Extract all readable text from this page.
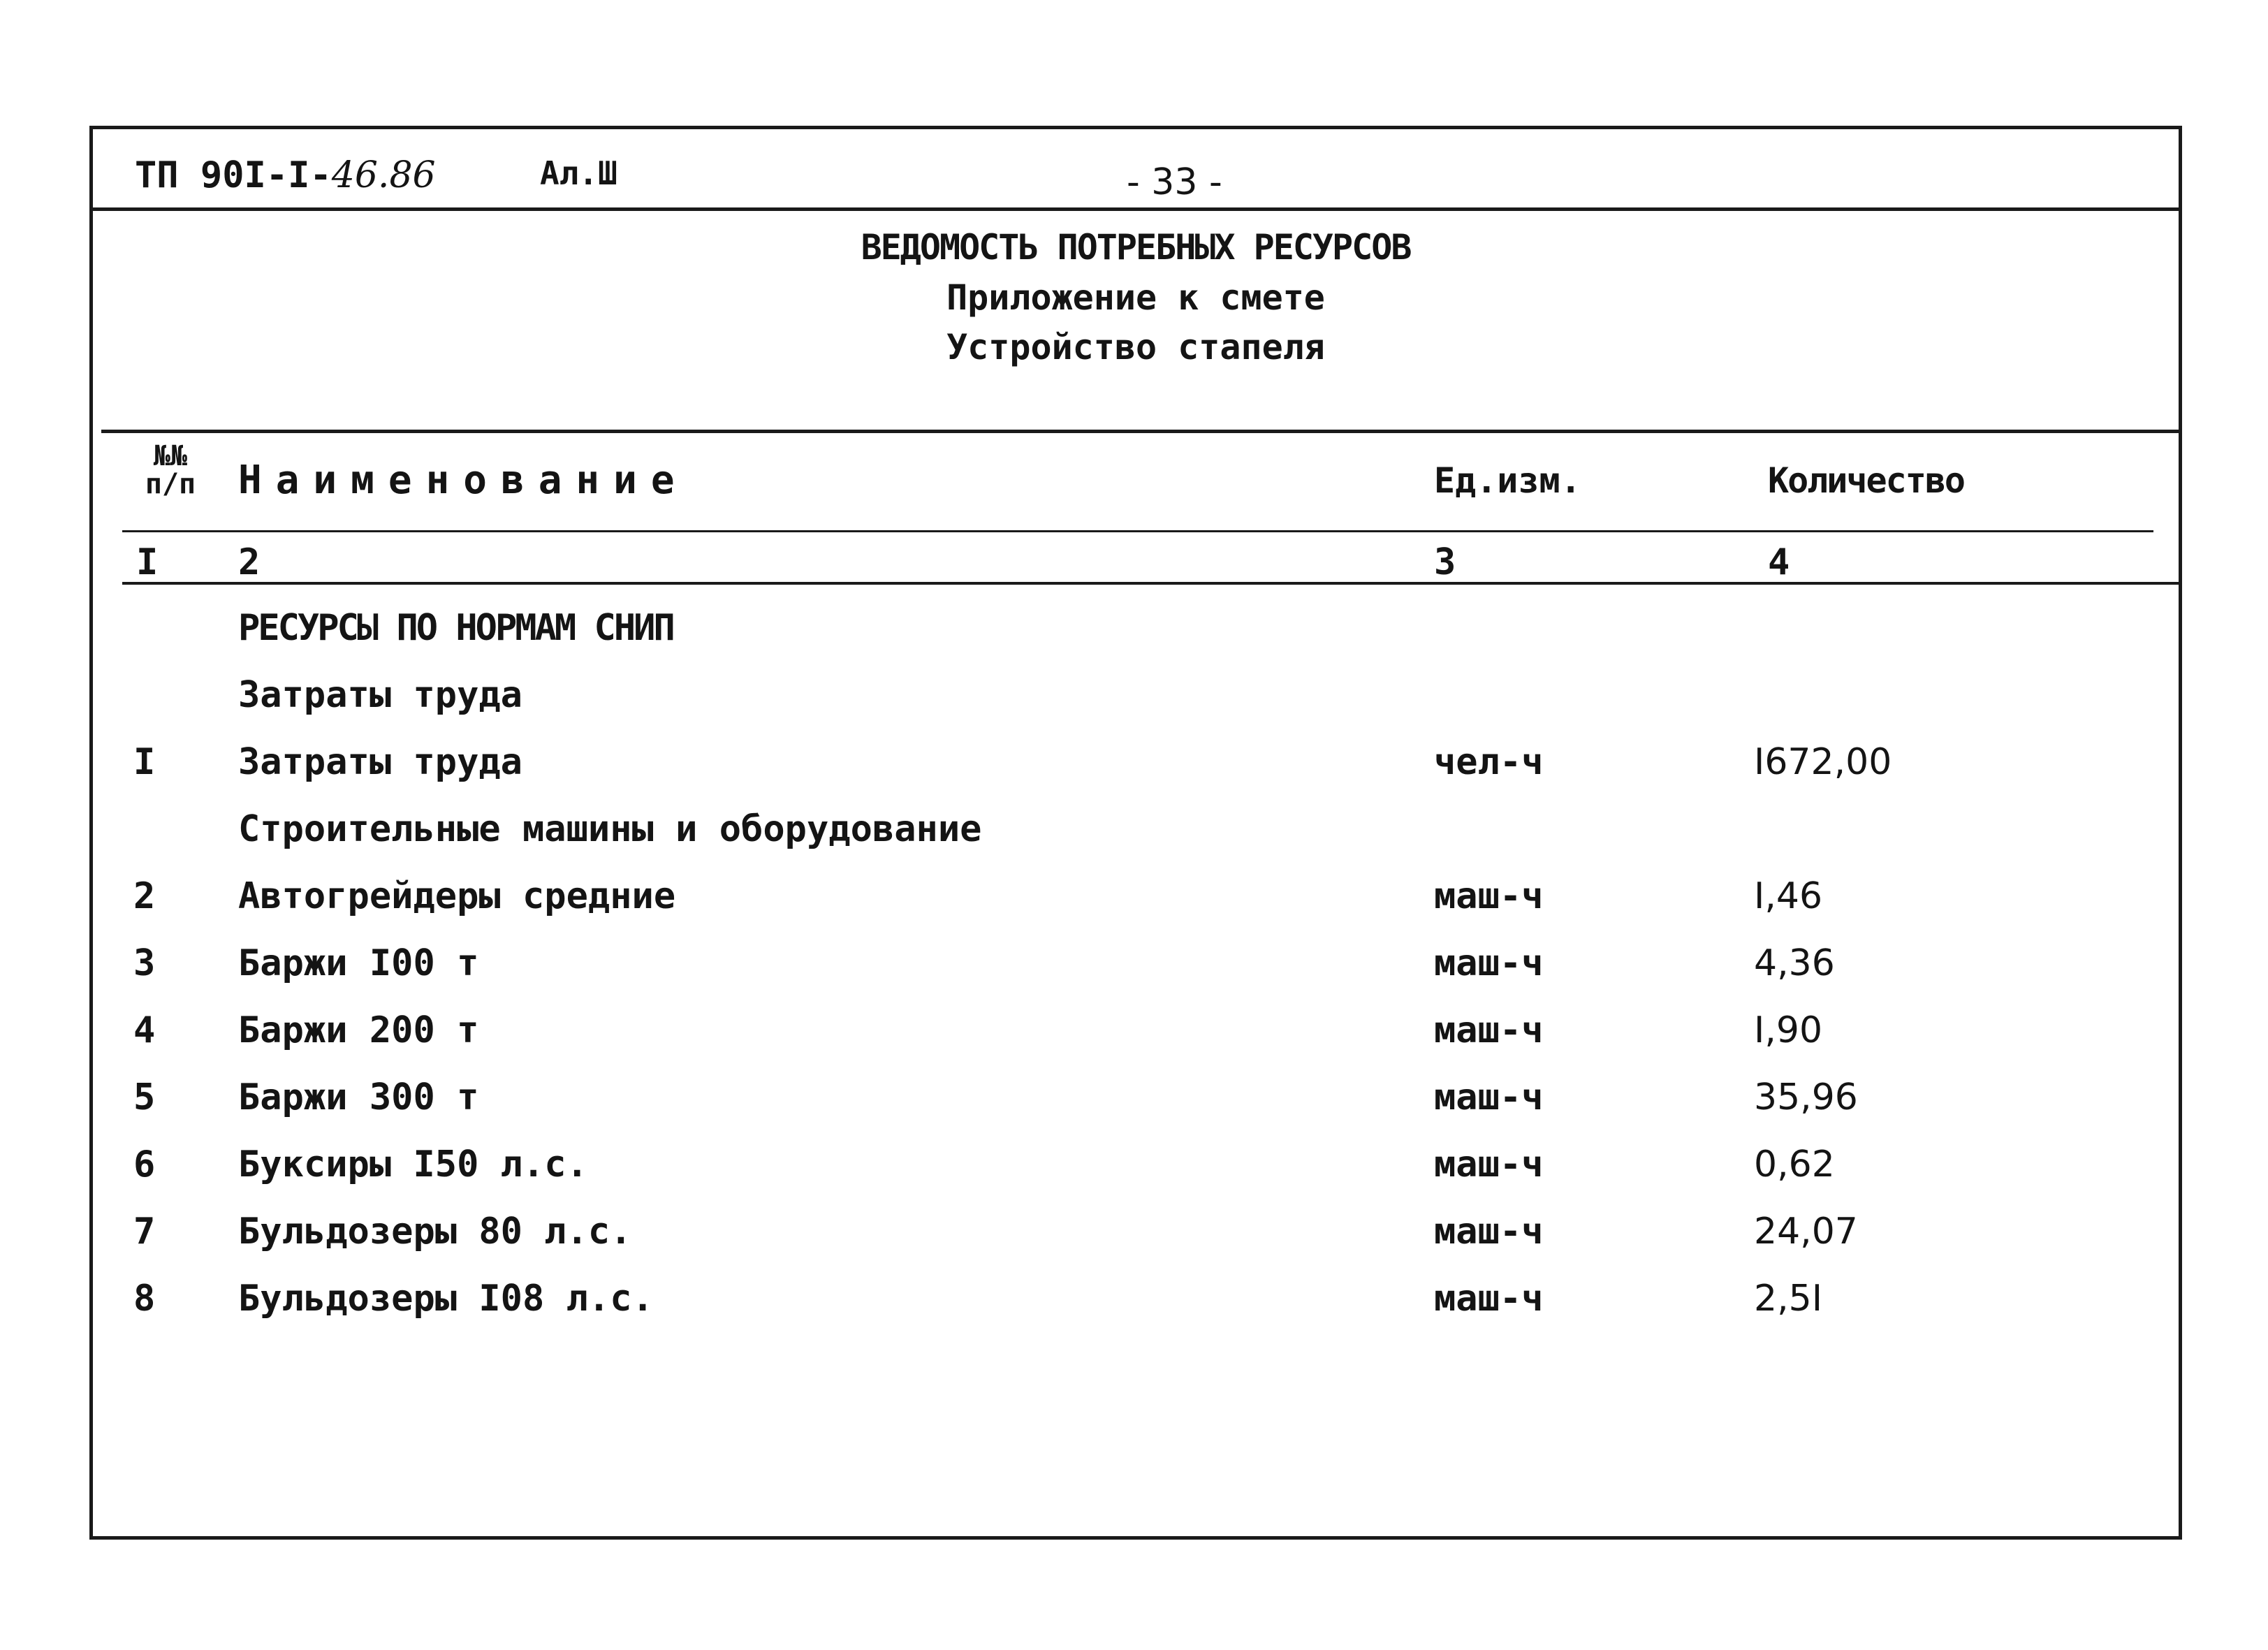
ТП 90I-I-46.86	Ал.Ш	- 33 -
ВЕДОМОСТЬ ПОТРЕБНЫХ РЕСУРСОВ
Приложение к смете
Устройство стапеля
№№
п/п	Наименование	Ед.изм.	Количество
I 2	3	4
РЕСУРСЫ ПО НОРМАМ СНИП
Затраты труда
I Затраты труда	чел-ч	I672,00
Строительные машины и оборудование
2 Автогрейдеры средние	маш-ч	I,46
3 Баржи I00 т	маш-ч	4,36
4 Баржи 200 т	маш-ч	I,90
5 Баржи 300 т	маш-ч	35,96
6 Буксиры I50 л.с.	маш-ч	0,62
7 Бульдозеры 80 л.с.	маш-ч	24,07
8 Бульдозеры I08 л.с.	маш-ч	2,5I
